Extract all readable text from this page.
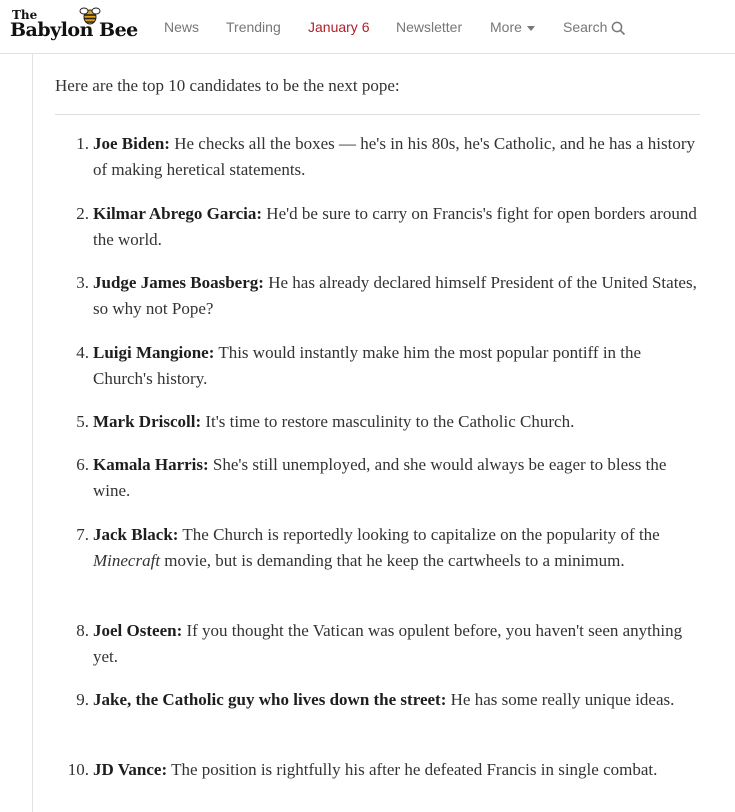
The
Babylon Bee News Trending January 6 Newsletter More	Search

Here are the top 10 candidates to be the next pope:

1. Joe Biden: He checks all the boxes — he's in his 80s, he's Catholic, and he has a history of making heretical statements.
2. Kilmar Abrego Garcia: He'd be sure to carry on Francis's fight for open borders around the world.
3. Judge James Boasberg: He has already declared himself President of the United States, so why not Pope?
4. Luigi Mangione: This would instantly make him the most popular pontiff in the Church's history.
5. Mark Driscoll: It's time to restore masculinity to the Catholic Church.
6. Kamala Harris: She's still unemployed, and she would always be eager to bless the wine.
7. Jack Black: The Church is reportedly looking to capitalize on the popularity of the Minecraft movie, but is demanding that he keep the cartwheels to a minimum.
8. Joel Osteen: If you thought the Vatican was opulent before, you haven't seen anything yet.
9. Jake, the Catholic guy who lives down the street: He has some really unique ideas.
10. JD Vance: The position is rightfully his after he defeated Francis in single combat.
